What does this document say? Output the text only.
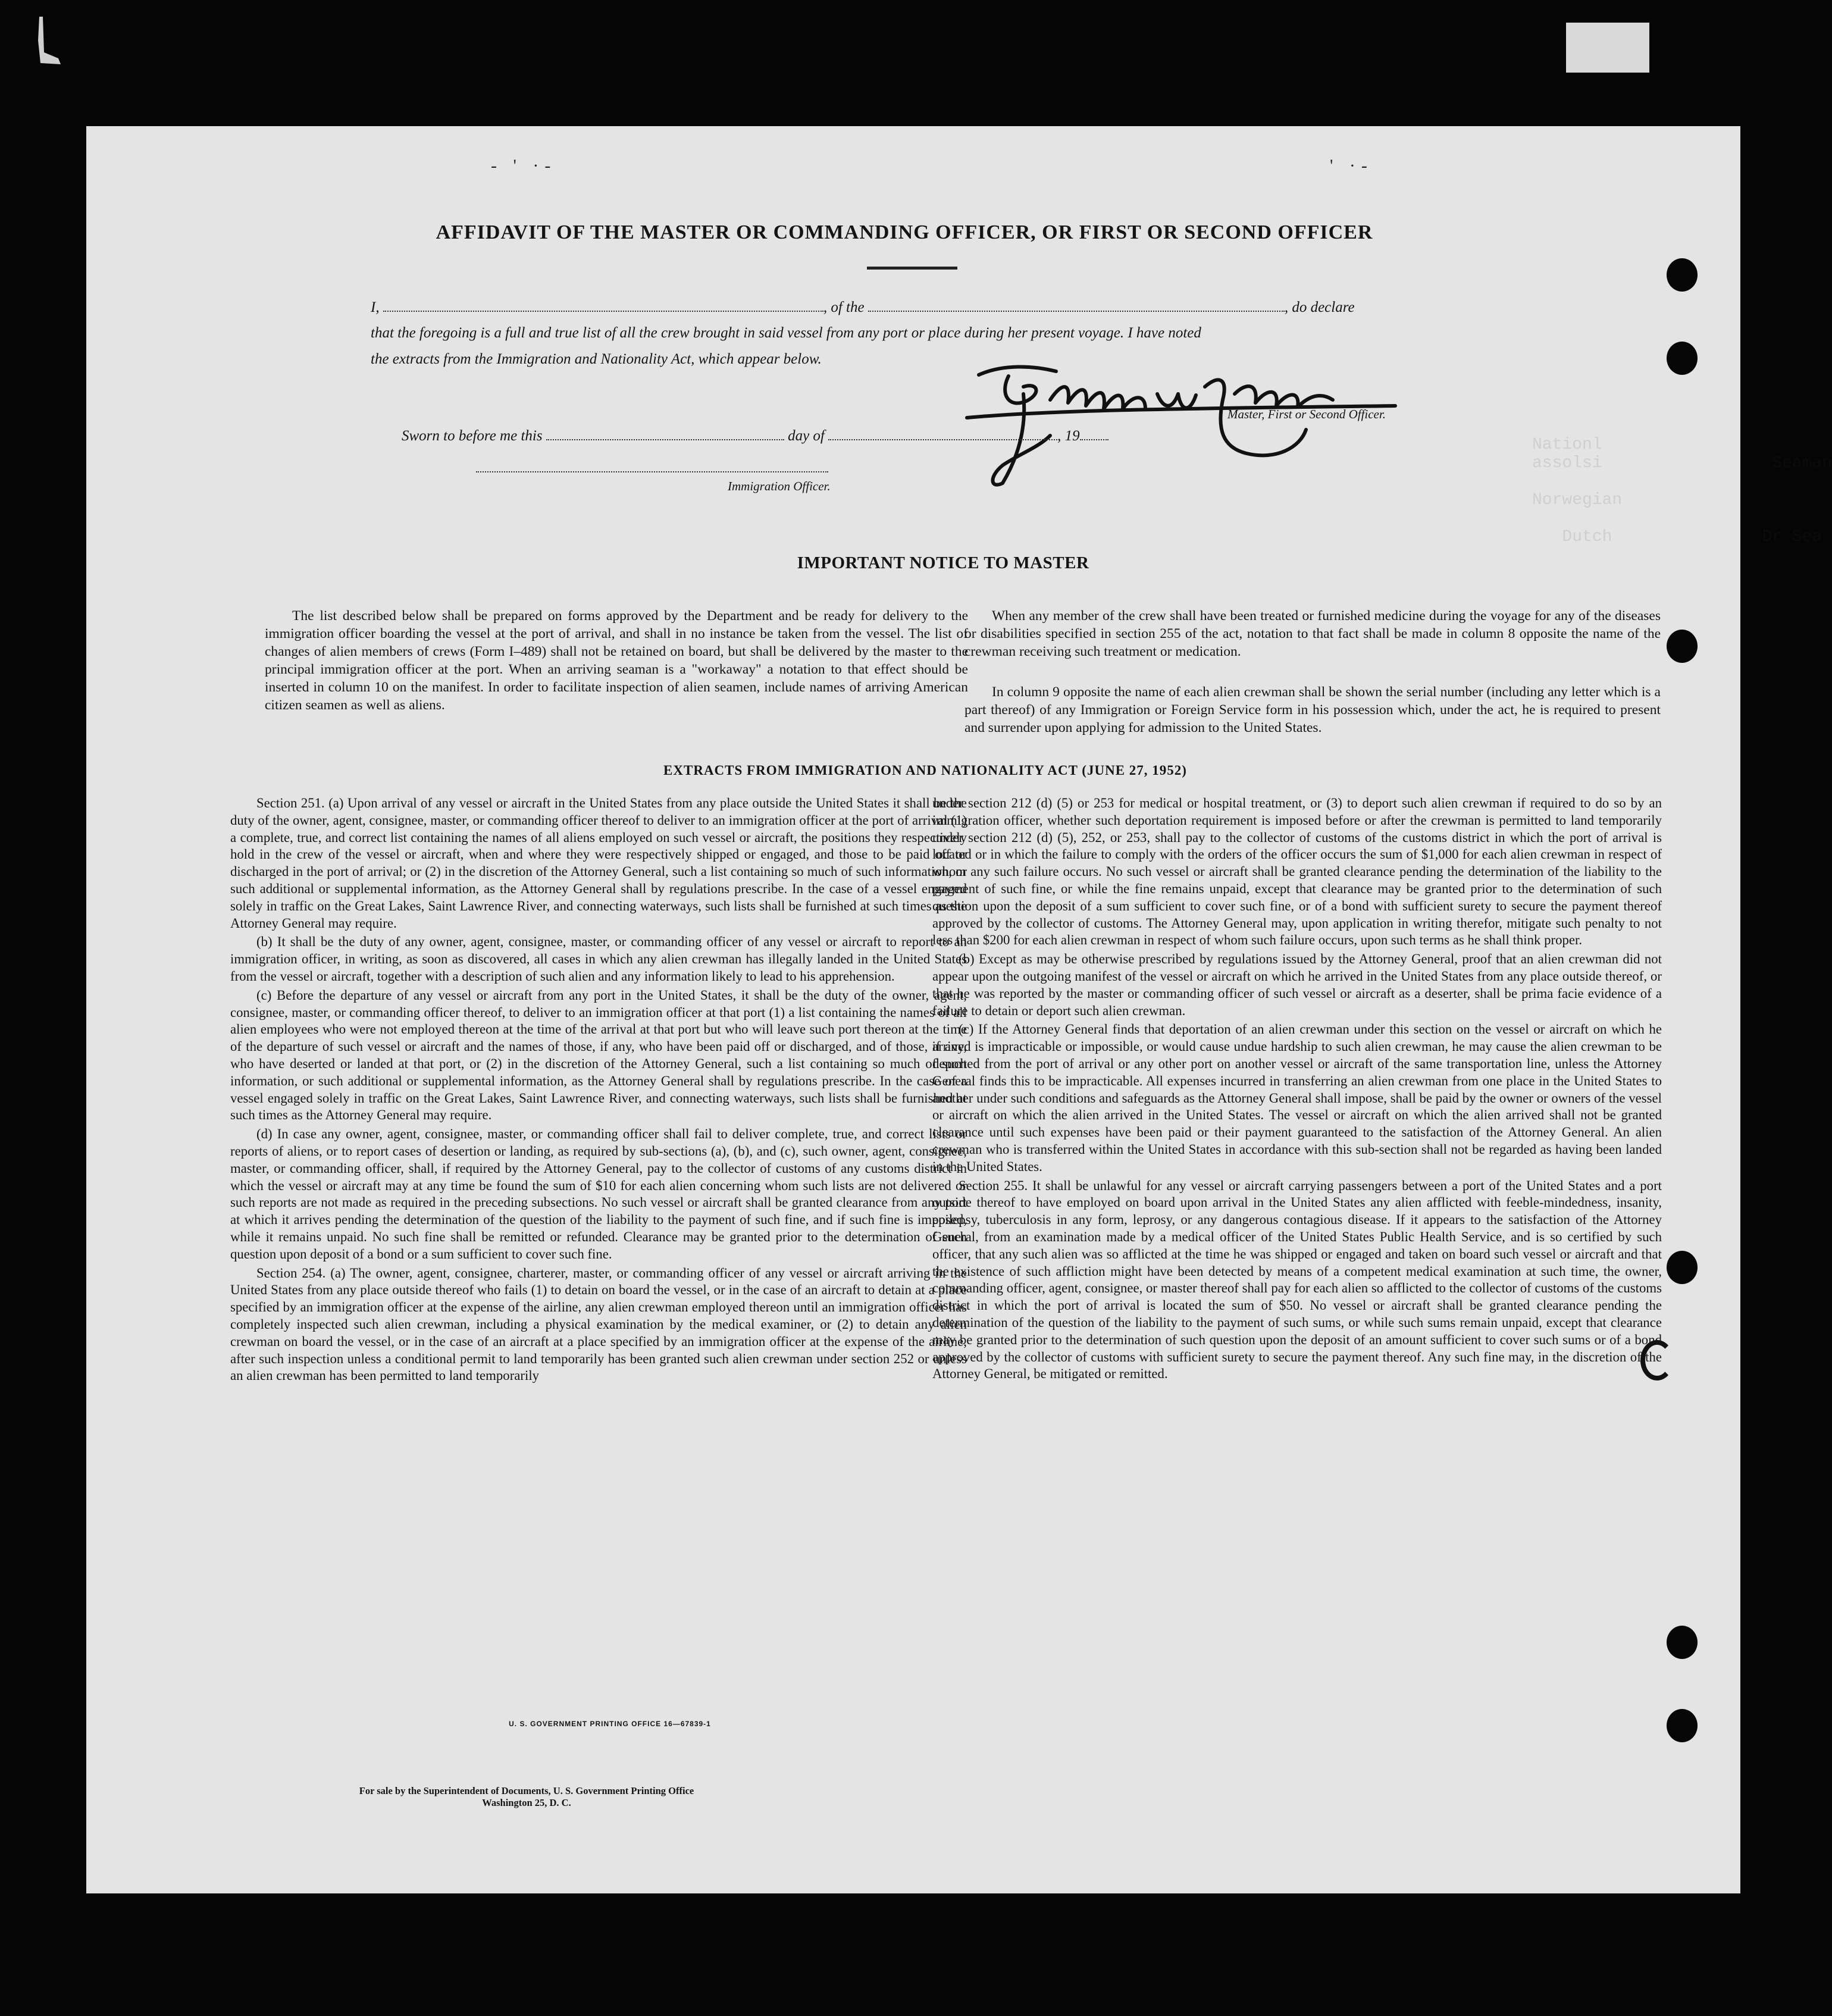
- ' ·-	' ·-
Nationl
assolsi                 Seaman

Norwegian

Dutch               Dr Sea
AFFIDAVIT OF THE MASTER OR COMMANDING OFFICER, OR FIRST OR SECOND OFFICER
I,	, of the	, do declare
that the foregoing is a full and true list of all the crew brought in said vessel from any port or place during her present voyage. I have noted
the extracts from the Immigration and Nationality Act, which appear below.
Master, First or Second Officer.
Sworn to before me this	day of	, 19
Immigration Officer.
IMPORTANT NOTICE TO MASTER

The list described below shall be prepared on forms approved by the Department and be ready for delivery to the immigration officer boarding the vessel at the port of arrival, and shall in no instance be taken from the vessel. The list of changes of alien members of crews (Form I–489) shall not be retained on board, but shall be delivered by the master to the principal immigration officer at the port. When an arriving seaman is a "workaway" a notation to that effect should be inserted in column 10 on the manifest. In order to facilitate inspection of alien seamen, include names of arriving American citizen seamen as well as aliens.

When any member of the crew shall have been treated or furnished medicine during the voyage for any of the diseases or disabilities specified in section 255 of the act, notation to that fact shall be made in column 8 opposite the name of the crewman receiving such treatment or medication.

In column 9 opposite the name of each alien crewman shall be shown the serial number (including any letter which is a part thereof) of any Immigration or Foreign Service form in his possession which, under the act, he is required to present and surrender upon applying for admission to the United States.

EXTRACTS FROM IMMIGRATION AND NATIONALITY ACT (JUNE 27, 1952)

Section 251. (a) Upon arrival of any vessel or aircraft in the United States from any place outside the United States it shall be the duty of the owner, agent, consignee, master, or commanding officer thereof to deliver to an immigration officer at the port of arrival (1) a complete, true, and correct list containing the names of all aliens employed on such vessel or aircraft, the positions they respectively hold in the crew of the vessel or aircraft, when and where they were respectively shipped or engaged, and those to be paid off or discharged in the port of arrival; or (2) in the discretion of the Attorney General, such a list containing so much of such information, or such additional or supplemental information, as the Attorney General shall by regulations prescribe. In the case of a vessel engaged solely in traffic on the Great Lakes, Saint Lawrence River, and connecting waterways, such lists shall be furnished at such times as the Attorney General may require.

(b) It shall be the duty of any owner, agent, consignee, master, or commanding officer of any vessel or aircraft to report to an immigration officer, in writing, as soon as discovered, all cases in which any alien crewman has illegally landed in the United States from the vessel or aircraft, together with a description of such alien and any information likely to lead to his apprehension.

(c) Before the departure of any vessel or aircraft from any port in the United States, it shall be the duty of the owner, agent, consignee, master, or commanding officer thereof, to deliver to an immigration officer at that port (1) a list containing the names of all alien employees who were not employed thereon at the time of the arrival at that port but who will leave such port thereon at the time of the departure of such vessel or aircraft and the names of those, if any, who have been paid off or discharged, and of those, if any, who have deserted or landed at that port, or (2) in the discretion of the Attorney General, such a list containing so much of such information, or such additional or supplemental information, as the Attorney General shall by regulations prescribe. In the case of a vessel engaged solely in traffic on the Great Lakes, Saint Lawrence River, and connecting waterways, such lists shall be furnished at such times as the Attorney General may require.

(d) In case any owner, agent, consignee, master, or commanding officer shall fail to deliver complete, true, and correct lists or reports of aliens, or to report cases of desertion or landing, as required by sub-sections (a), (b), and (c), such owner, agent, consignee, master, or commanding officer, shall, if required by the Attorney General, pay to the collector of customs of any customs district in which the vessel or aircraft may at any time be found the sum of $10 for each alien concerning whom such lists are not delivered or such reports are not made as required in the preceding subsections. No such vessel or aircraft shall be granted clearance from any port at which it arrives pending the determination of the question of the liability to the payment of such fine, and if such fine is imposed, while it remains unpaid. No such fine shall be remitted or refunded. Clearance may be granted prior to the determination of such question upon deposit of a bond or a sum sufficient to cover such fine.

Section 254. (a) The owner, agent, consignee, charterer, master, or commanding officer of any vessel or aircraft arriving in the United States from any place outside thereof who fails (1) to detain on board the vessel, or in the case of an aircraft to detain at a place specified by an immigration officer at the expense of the airline, any alien crewman employed thereon until an immigration officer has completely inspected such alien crewman, including a physical examination by the medical examiner, or (2) to detain any alien crewman on board the vessel, or in the case of an aircraft at a place specified by an immigration officer at the expense of the airline, after such inspection unless a conditional permit to land temporarily has been granted such alien crewman under section 252 or unless an alien crewman has been permitted to land temporarily

under section 212 (d) (5) or 253 for medical or hospital treatment, or (3) to deport such alien crewman if required to do so by an immigration officer, whether such deportation requirement is imposed before or after the crewman is permitted to land temporarily under section 212 (d) (5), 252, or 253, shall pay to the collector of customs of the customs district in which the port of arrival is located or in which the failure to comply with the orders of the officer occurs the sum of $1,000 for each alien crewman in respect of whom any such failure occurs. No such vessel or aircraft shall be granted clearance pending the determination of the liability to the payment of such fine, or while the fine remains unpaid, except that clearance may be granted prior to the determination of such question upon the deposit of a sum sufficient to cover such fine, or of a bond with sufficient surety to secure the payment thereof approved by the collector of customs. The Attorney General may, upon application in writing therefor, mitigate such penalty to not less than $200 for each alien crewman in respect of whom such failure occurs, upon such terms as he shall think proper.

(b) Except as may be otherwise prescribed by regulations issued by the Attorney General, proof that an alien crewman did not appear upon the outgoing manifest of the vessel or aircraft on which he arrived in the United States from any place outside thereof, or that he was reported by the master or commanding officer of such vessel or aircraft as a deserter, shall be prima facie evidence of a failure to detain or deport such alien crewman.

(c) If the Attorney General finds that deportation of an alien crewman under this section on the vessel or aircraft on which he arrived is impracticable or impossible, or would cause undue hardship to such alien crewman, he may cause the alien crewman to be deported from the port of arrival or any other port on another vessel or aircraft of the same transportation line, unless the Attorney General finds this to be impracticable. All expenses incurred in transferring an alien crewman from one place in the United States to another under such conditions and safeguards as the Attorney General shall impose, shall be paid by the owner or owners of the vessel or aircraft on which the alien arrived in the United States. The vessel or aircraft on which the alien arrived shall not be granted clearance until such expenses have been paid or their payment guaranteed to the satisfaction of the Attorney General. An alien crewman who is transferred within the United States in accordance with this sub-section shall not be regarded as having been landed in the United States.

Section 255. It shall be unlawful for any vessel or aircraft carrying passengers between a port of the United States and a port outside thereof to have employed on board upon arrival in the United States any alien afflicted with feeble-mindedness, insanity, epilepsy, tuberculosis in any form, leprosy, or any dangerous contagious disease. If it appears to the satisfaction of the Attorney General, from an examination made by a medical officer of the United States Public Health Service, and is so certified by such officer, that any such alien was so afflicted at the time he was shipped or engaged and taken on board such vessel or aircraft and that the existence of such affliction might have been detected by means of a competent medical examination at such time, the owner, commanding officer, agent, consignee, or master thereof shall pay for each alien so afflicted to the collector of customs of the customs district in which the port of arrival is located the sum of $50. No vessel or aircraft shall be granted clearance pending the determination of the question of the liability to the payment of such sums, or while such sums remain unpaid, except that clearance may be granted prior to the determination of such question upon the deposit of an amount sufficient to cover such sums or of a bond approved by the collector of customs with sufficient surety to secure the payment thereof. Any such fine may, in the discretion of the Attorney General, be mitigated or remitted.

U. S. GOVERNMENT PRINTING OFFICE 16—67839-1
For sale by the Superintendent of Documents, U. S. Government Printing Office
Washington 25, D. C.
